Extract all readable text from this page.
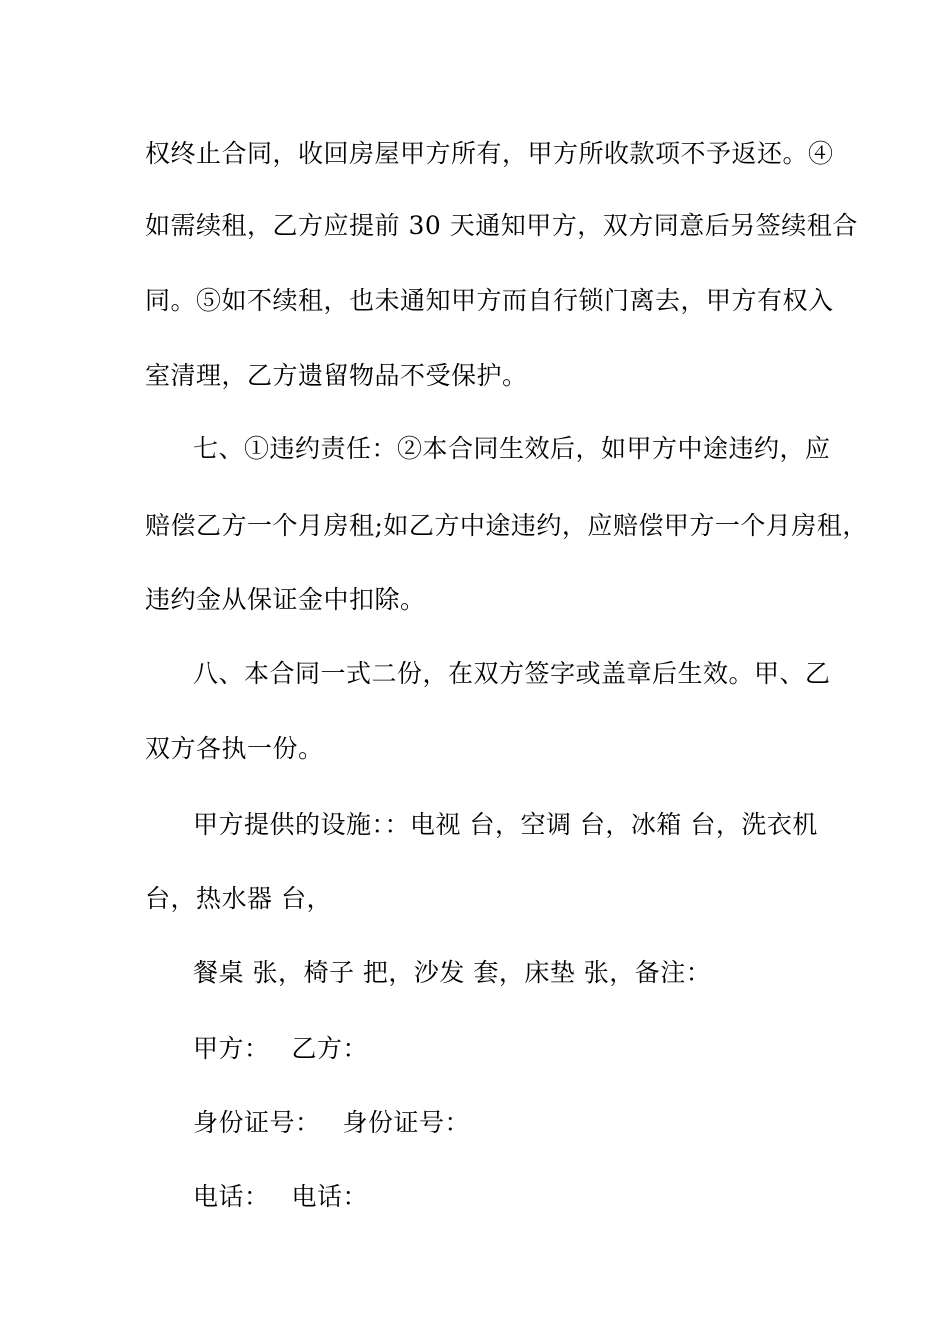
权终止合同，收回房屋甲方所有，甲方所收款项不予返还。④
如需续租，乙方应提前 30 天通知甲方，双方同意后另签续租合
同。⑤如不续租，也未通知甲方而自行锁门离去，甲方有权入
室清理，乙方遗留物品不受保护。
七、①违约责任：②本合同生效后，如甲方中途违约，应
赔偿乙方一个月房租;如乙方中途违约，应赔偿甲方一个月房租，
违约金从保证金中扣除。
八、本合同一式二份，在双方签字或盖章后生效。甲、乙
双方各执一份。
甲方提供的设施：：电视 台，空调 台，冰箱 台，洗衣机
台，热水器 台，
餐桌 张，椅子 把，沙发 套，床垫 张，备注：
甲方： 乙方：
身份证号： 身份证号：
电话： 电话：
